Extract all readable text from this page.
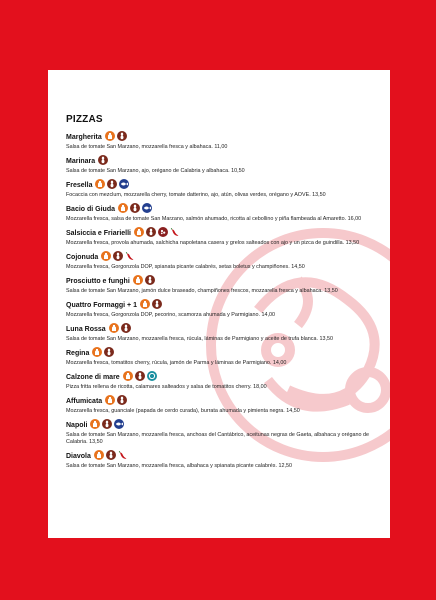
PIZZAS
Margherita
Salsa de tomate San Marzano, mozzarella fresca y albahaca. 11,00
Marinara
Salsa de tomate San Marzano, ajo, orégano de Calabria y albahaca. 10,50
Fresella
Focaccia con mezclum, mozzarella cherry, tomate datterino, ajo, atún, olivas verdes, orégano y AOVE. 13,50
Bacio di Giuda
Mozzarella fresca, salsa de tomate San Marzano, salmón ahumado, ricotta al cebollino y piña flambeada al Amaretto. 16,00
Salsiccia e Friarielli
Mozzarella fresca, provola ahumada, salchicha napoletana casera y grelos salteados con ajo y un pizca de guindilla. 13,50
Cojonuda
Mozzarella fresca, Gorgonzola DOP, spianata picante calabrés, setas boletus y champiñones. 14,50
Prosciutto e funghi
Salsa de tomate San Marzano, jamón dulce braseado, champiñones frescos, mozzarella fresca y albahaca. 13,50
Quattro Formaggi + 1
Mozzarella fresca, Gorgonzola DOP, pecorino, scamorza ahumada y Parmigiano. 14,00
Luna Rossa
Salsa de tomate San Marzano, mozzarella fresca, rúcula, láminas de Parmigiano y aceite de trufa blanca. 13,50
Regina
Mozzarella fresca, tomatitos cherry, rúcula, jamón de Parma y láminas de Parmigiano. 14,00
Calzone di mare
Pizza fritta rellena de ricotta, calamares salteados y salsa de tomatitos cherry. 18,00
Affumicata
Mozzarella fresca, guanciale (papada de cerdo curada), burrata ahumada y pimienta negra. 14,50
Napoli
Salsa de tomate San Marzano, mozzarella fresca, anchoas del Cantábrico, aceitunas negras de Gaeta, albahaca y orégano de Calabria. 13,50
Diavola
Salsa de tomate San Marzano, mozzarella fresca, albahaca y spianata picante calabrés. 12,50
